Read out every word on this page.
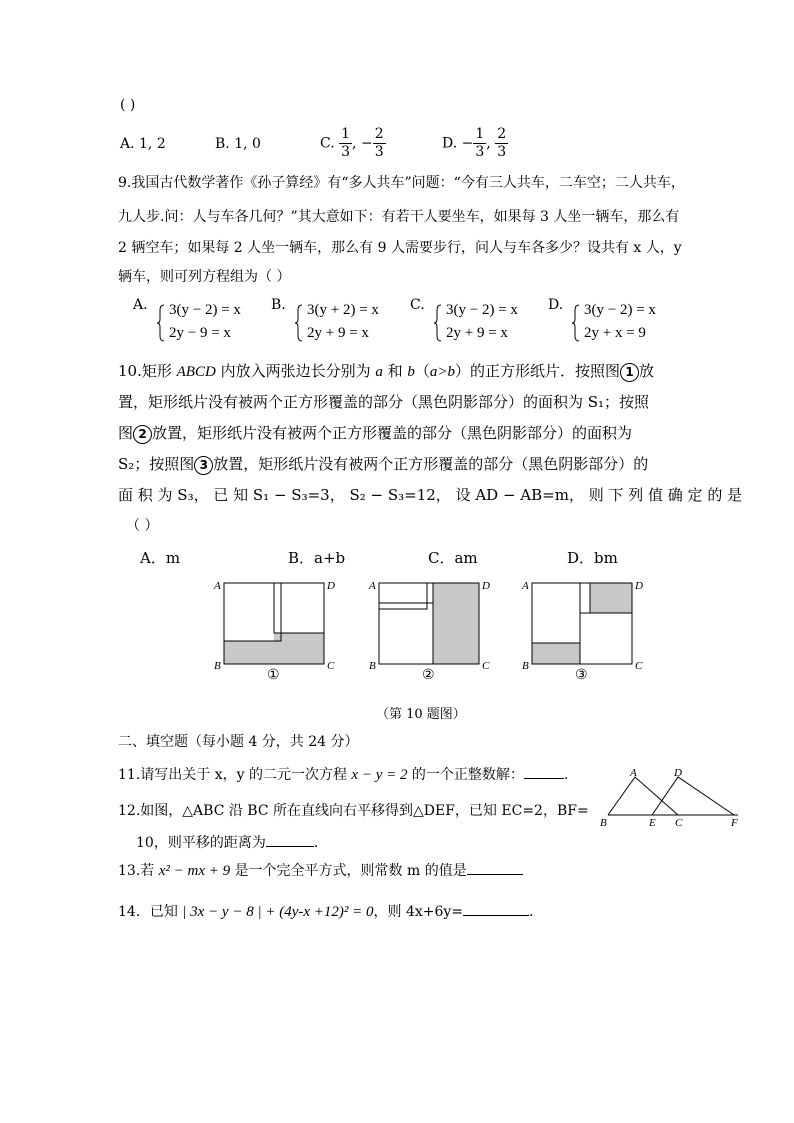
( )
A. 1, 2	B. 1, 0	C. $\frac{1}{3}$ , − $\frac{2}{3}$	D. − $\frac{1}{3}$ , $\frac{2}{3}$
9.我国古代数学著作《孙子算经》有“多人共车”问题：“今有三人共车，二车空；二人共车，
九人步.问：人与车各几何？”其大意如下：有若干人要坐车，如果每 3 人坐一辆车，那么有
2 辆空车；如果每 2 人坐一辆车，那么有 9 人需要步行，问人与车各多少？设共有 x 人，y
辆车，则可列方程组为（ ）
A. 3(y − 2) = x
2y − 9 = x
B. 3(y + 2) = x
2y + 9 = x
C. 3(y − 2) = x
2y + 9 = x
D. 3(y − 2) = x
2y + x = 9
10.矩形 ABCD 内放入两张边长分别为 a 和 b（a>b）的正方形纸片．按照图 1 放
置，矩形纸片没有被两个正方形覆盖的部分（黑色阴影部分）的面积为 S₁；按照
图 2 放置，矩形纸片没有被两个正方形覆盖的部分（黑色阴影部分）的面积为
S₂；按照图 3 放置，矩形纸片没有被两个正方形覆盖的部分（黑色阴影部分）的
面 积 为 S₃， 已 知 S₁ − S₃=3， S₂ − S₃=12， 设 AD − AB=m， 则 下 列 值 确 定 的 是
（ ）
A．m	B．a+b	C．am	D．bm
A
B	C
D
①
A
B	C
D
②
A
B	C
D
③
（第 10 题图）
二、填空题（每小题 4 分，共 24 分）
11.请写出关于 x，y 的二元一次方程 x − y = 2 的一个正整数解：	.
12.如图，△ABC 沿 BC 所在直线向右平移得到△DEF，已知 EC=2，BF=
10，则平移的距离为	.
A	D
B	E C	F
13.若 x² − mx + 9 是一个完全平方式，则常数 m 的值是
14．已知 | 3x − y − 8 | + (4y-x +12)² = 0，则 4x+6y=	.
